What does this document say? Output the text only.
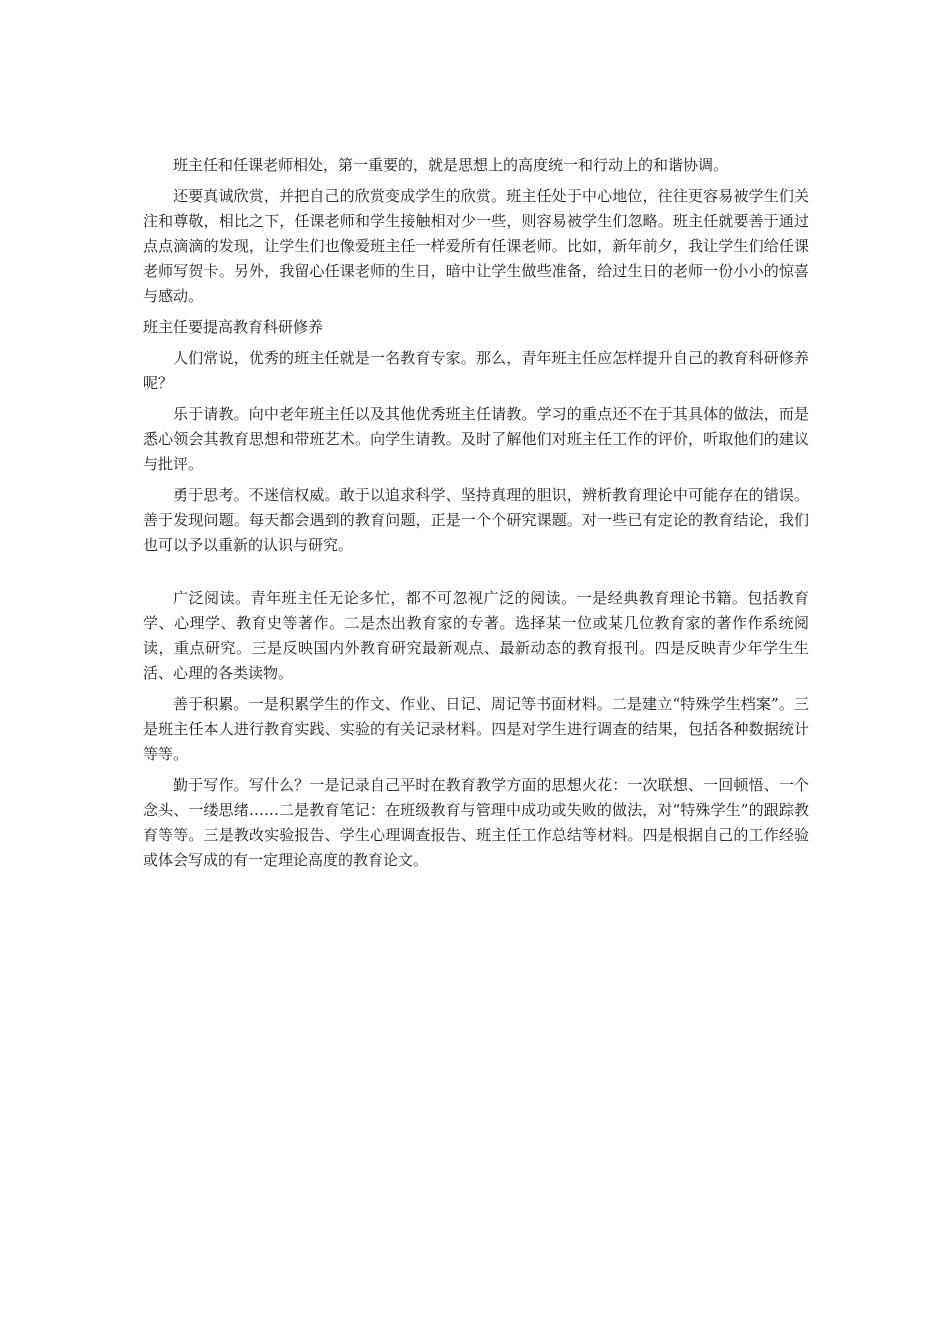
班主任和任课老师相处，第一重要的，就是思想上的高度统一和行动上的和谐协调。

还要真诚欣赏，并把自己的欣赏变成学生的欣赏。班主任处于中心地位，往往更容易被学生们关注和尊敬，相比之下，任课老师和学生接触相对少一些，则容易被学生们忽略。班主任就要善于通过点点滴滴的发现，让学生们也像爱班主任一样爱所有任课老师。比如，新年前夕，我让学生们给任课老师写贺卡。另外，我留心任课老师的生日，暗中让学生做些准备，给过生日的老师一份小小的惊喜与感动。

班主任要提高教育科研修养

人们常说，优秀的班主任就是一名教育专家。那么，青年班主任应怎样提升自己的教育科研修养呢？

乐于请教。向中老年班主任以及其他优秀班主任请教。学习的重点还不在于其具体的做法，而是悉心领会其教育思想和带班艺术。向学生请教。及时了解他们对班主任工作的评价，听取他们的建议与批评。

勇于思考。不迷信权威。敢于以追求科学、坚持真理的胆识，辨析教育理论中可能存在的错误。善于发现问题。每天都会遇到的教育问题，正是一个个研究课题。对一些已有定论的教育结论，我们也可以予以重新的认识与研究。

广泛阅读。青年班主任无论多忙，都不可忽视广泛的阅读。一是经典教育理论书籍。包括教育学、心理学、教育史等著作。二是杰出教育家的专著。选择某一位或某几位教育家的著作作系统阅读，重点研究。三是反映国内外教育研究最新观点、最新动态的教育报刊。四是反映青少年学生生活、心理的各类读物。

善于积累。一是积累学生的作文、作业、日记、周记等书面材料。二是建立“特殊学生档案”。三是班主任本人进行教育实践、实验的有关记录材料。四是对学生进行调查的结果，包括各种数据统计等等。

勤于写作。写什么？一是记录自己平时在教育教学方面的思想火花：一次联想、一回顿悟、一个念头、一缕思绪……二是教育笔记：在班级教育与管理中成功或失败的做法，对“特殊学生”的跟踪教育等等。三是教改实验报告、学生心理调查报告、班主任工作总结等材料。四是根据自己的工作经验或体会写成的有一定理论高度的教育论文。
